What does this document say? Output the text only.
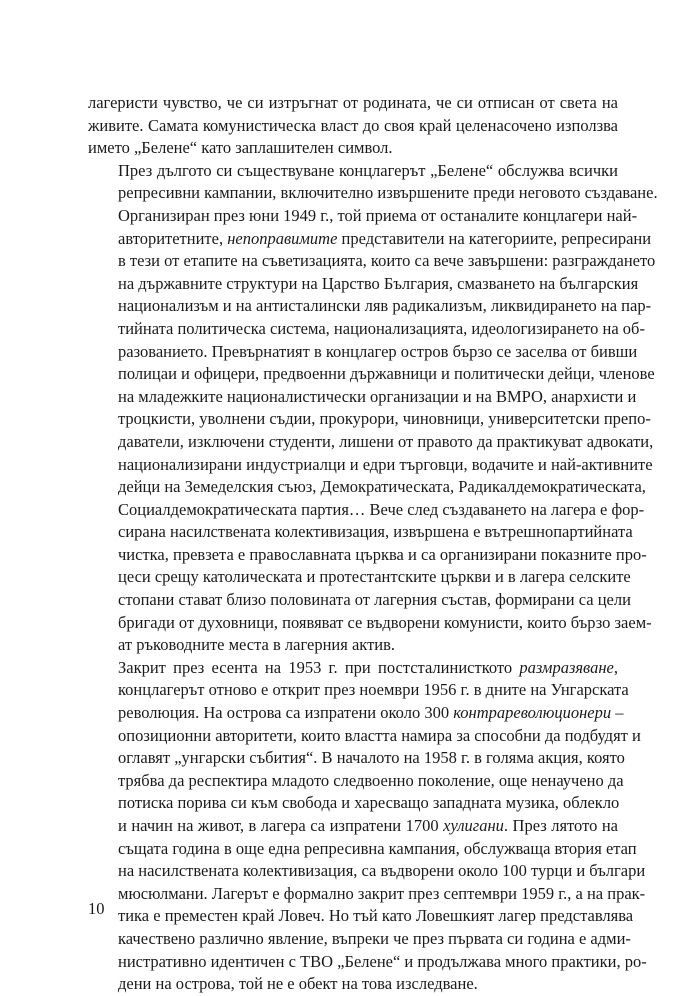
лагеристи чувство, че си изтръгнат от родината, че си отписан от света на
живите. Самата комунистическа власт до своя край целенасочено използва
името „Белене“ като заплашителен символ.

През дългото си съществуване концлагерът „Белене“ обслужва всички
репресивни кампании, включително извършените преди неговото създаване.
Организиран през юни 1949 г., той приема от останалите концлагери най-
авторитетните, непоправимите представители на категориите, репресирани
в тези от етапите на съветизацията, които са вече завършени: разграждането
на държавните структури на Царство България, смазването на българския
национализъм и на антисталински ляв радикализъм, ликвидирането на пар-
тийната политическа система, национализацията, идеологизирането на об-
разованието. Превърнатият в концлагер остров бързо се заселва от бивши
полицаи и офицери, предвоенни държавници и политически дейци, членове
на младежките националистически организации и на ВМРО, анархисти и
троцкисти, уволнени съдии, прокурори, чиновници, университетски препо-
даватели, изключени студенти, лишени от правото да практикуват адвокати,
национализирани индустриалци и едри търговци, водачите и най-активните
дейци на Земеделския съюз, Демократическата, Радикалдемократическата,
Социалдемократическата партия… Вече след създаването на лагера е фор-
сирана насилствената колективизация, извършена е вътрешнопартийната
чистка, превзета е православната църква и са организирани показните про-
цеси срещу католическата и протестантските църкви и в лагера селските
стопани стават близо половината от лагерния състав, формирани са цели
бригади от духовници, появяват се въдворени комунисти, които бързо заем-
ат ръководните места в лагерния актив.

Закрит през есента на 1953 г. при постсталинисткото размразяване,
концлагерът отново е открит през ноември 1956 г. в дните на Унгарската
революция. На острова са изпратени около 300 контрареволюционери –
опозиционни авторитети, които властта намира за способни да подбудят и
оглавят „унгарски събития“. В началото на 1958 г. в голяма акция, която
трябва да респектира младото следвоенно поколение, още ненаучено да
потиска порива си към свобода и харесващо западната музика, облекло
и начин на живот, в лагера са изпратени 1700 хулигани. През лятото на
същата година в още една репресивна кампания, обслужваща втория етап
на насилствената колективизация, са въдворени около 100 турци и българи
мюсюлмани. Лагерът е формално закрит през септември 1959 г., а на прак-
тика е преместен край Ловеч. Но тъй като Ловешкият лагер представлява
качествено различно явление, въпреки че през първата си година е адми-
нистративно идентичен с ТВО „Белене“ и продължава много практики, ро-
дени на острова, той не е обект на това изследване.

10
